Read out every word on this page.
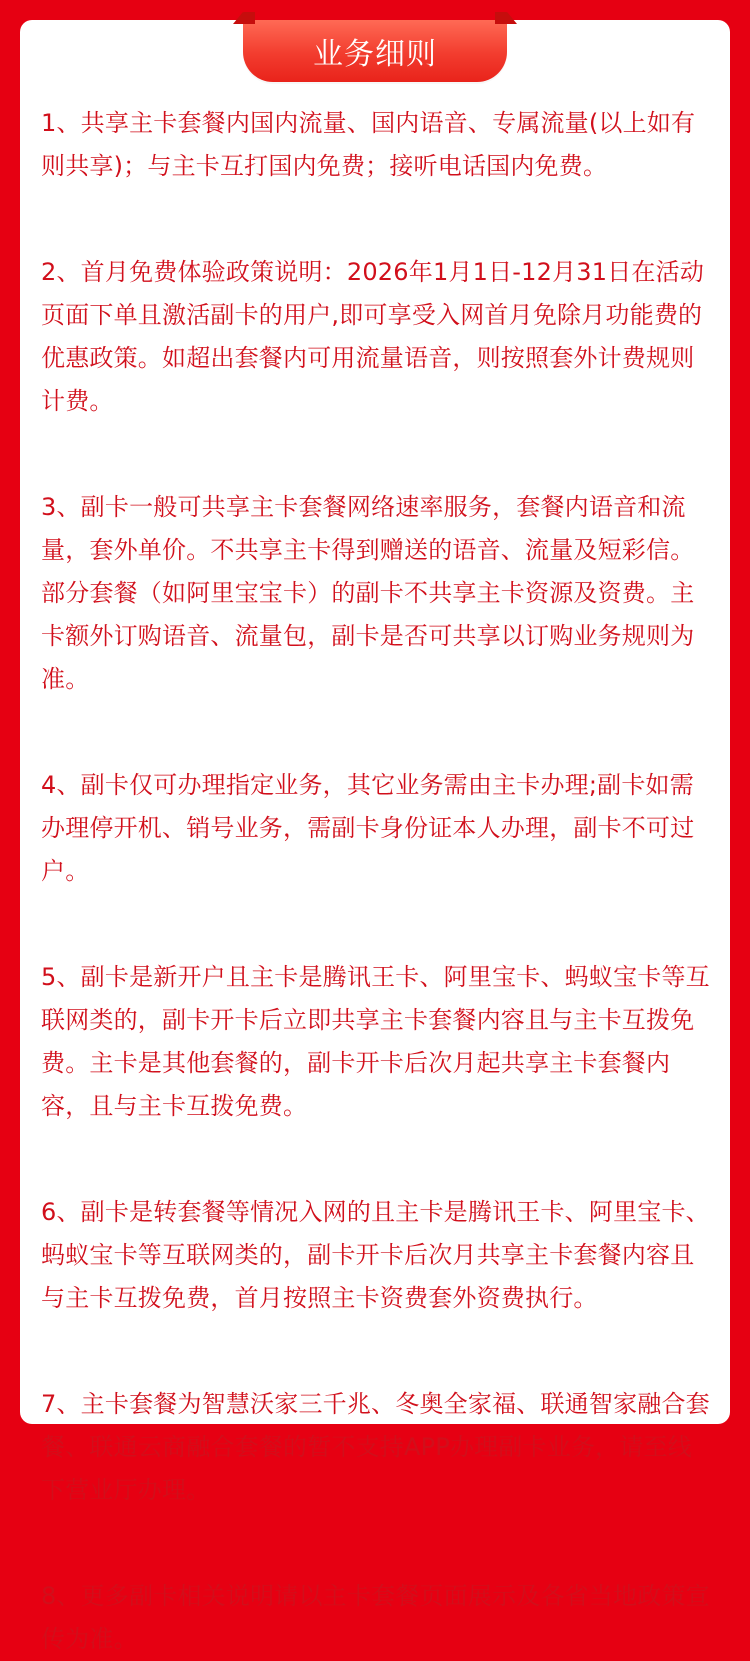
业务细则
1、共享主卡套餐内国内流量、国内语音、专属流量(以上如有则共享)；与主卡互打国内免费；接听电话国内免费。
2、首月免费体验政策说明：2026年1月1日-12月31日在活动页面下单且激活副卡的用户,即可享受入网首月免除月功能费的优惠政策。如超出套餐内可用流量语音，则按照套外计费规则计费。
3、副卡一般可共享主卡套餐网络速率服务，套餐内语音和流量，套外单价。不共享主卡得到赠送的语音、流量及短彩信。部分套餐（如阿里宝宝卡）的副卡不共享主卡资源及资费。主卡额外订购语音、流量包，副卡是否可共享以订购业务规则为准。
4、副卡仅可办理指定业务，其它业务需由主卡办理;副卡如需办理停开机、销号业务，需副卡身份证本人办理，副卡不可过户。
5、副卡是新开户且主卡是腾讯王卡、阿里宝卡、蚂蚁宝卡等互联网类的，副卡开卡后立即共享主卡套餐内容且与主卡互拨免费。主卡是其他套餐的，副卡开卡后次月起共享主卡套餐内容，且与主卡互拨免费。
6、副卡是转套餐等情况入网的且主卡是腾讯王卡、阿里宝卡、蚂蚁宝卡等互联网类的，副卡开卡后次月共享主卡套餐内容且与主卡互拨免费，首月按照主卡资费套外资费执行。
7、主卡套餐为智慧沃家三千兆、冬奥全家福、联通智家融合套餐、联通云商融合套餐的暂不支持APP办理副卡业务，请至线下营业厅办理。
8、更多副卡相关说明请以主卡套餐页面展示及各省当地政策宣传为准。
